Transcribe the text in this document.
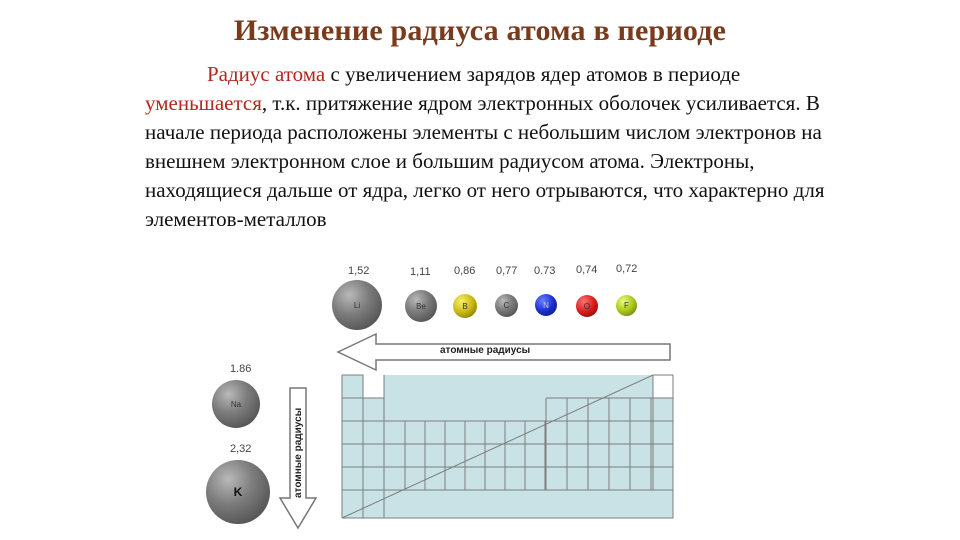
Изменение радиуса атома в периоде
Радиус атома с увеличением зарядов ядер атомов в периоде уменьшается, т.к. притяжение ядром электронных оболочек усиливается. В начале периода расположены элементы с небольшим числом электронов на внешнем электронном слое и большим радиусом атома. Электроны, находящиеся дальше от ядра, легко от него отрываются, что характерно для элементов-металлов
1,52	1,11 0,86 0,77 0.73 0,74 0,72
Li	Be	B	C	N	O	F
атомные радиусы
атомные радиусы
1.86
Na
2,32
K
